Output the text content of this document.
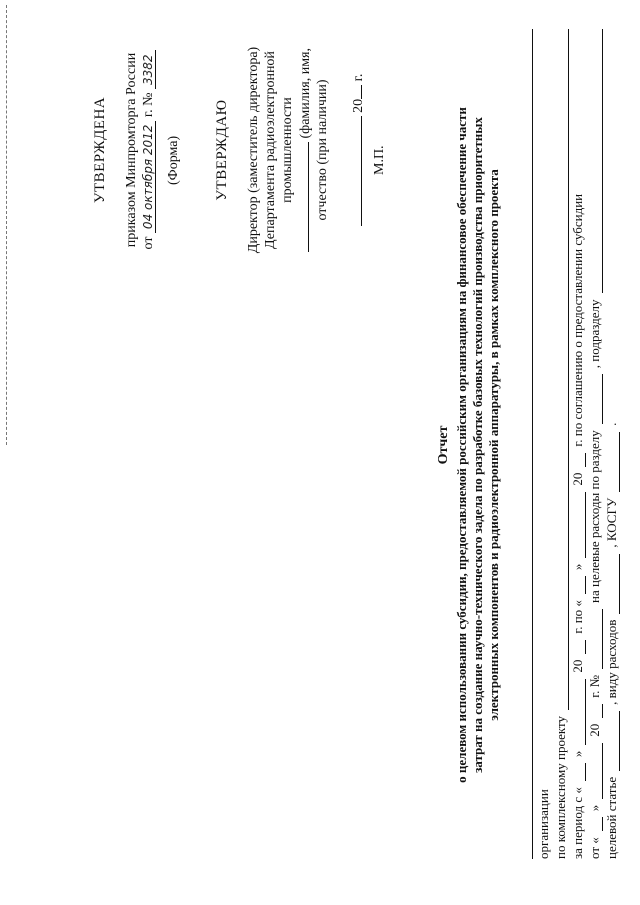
УТВЕРЖДЕНА приказом Минпромторга России от 04 октября 2012 г. № 3382
(Форма) УТВЕРЖДАЮ Директор (заместитель директора) Департамента радиоэлектронной промышленности
(фамилия, имя, отчество (при наличии) 20 г.
М.П.
Отчет о целевом использовании субсидии, предоставляемой российским организациям на финансовое обеспечение части затрат на создание научно-технического задела по разработке базовых технологий производства приоритетных электронных компонентов и радиоэлектронной аппаратуры, в рамках комплексного проекта
организации по комплексному проекту за период с «
»
20
г. по «
»
20
г. по соглашению о предоставлении субсидии
от «
»
20
г. №
на целевые расходы по разделу
, подразделу
целевой статье
, виду расходов
, КОСГУ
.
